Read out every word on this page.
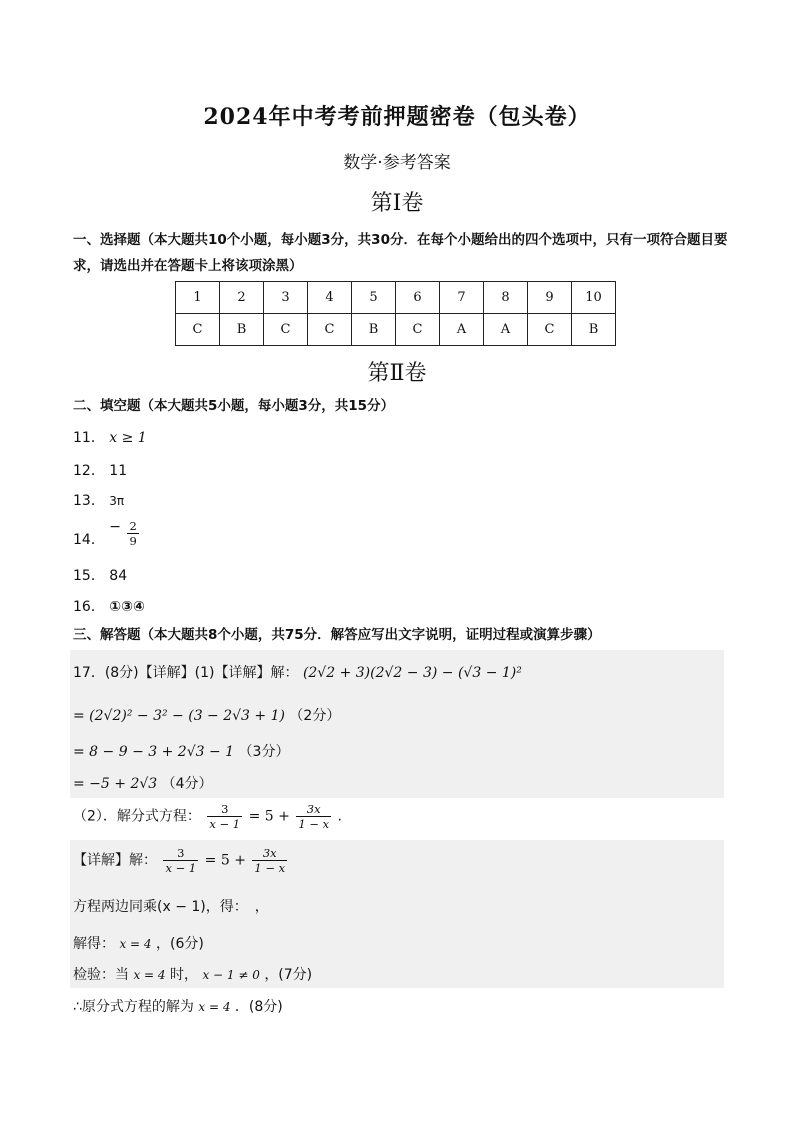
2024年中考考前押题密卷（包头卷）
数学·参考答案
第Ⅰ卷
一、选择题（本大题共10个小题，每小题3分，共30分．在每个小题给出的四个选项中，只有一项符合题目要求，请选出并在答题卡上将该项涂黑）
1	2	3	4	5	6	7	8	9	10
C	B	C	C	B	C	A	A	C	B
第Ⅱ卷
二、填空题（本大题共5小题，每小题3分，共15分）
11． x ≥ 1
12． 11
13． 3π
14． − $\frac{2}{9}$
15． 84
16． ①③④
三、解答题（本大题共8个小题，共75分．解答应写出文字说明，证明过程或演算步骤）
17．(8分)【详解】(1)【详解】解： (2√2 + 3)(2√2 − 3) − (√3 − 1)²
= (2√2)² − 3² − (3 − 2√3 + 1) （2分）
= 8 − 9 − 3 + 2√3 − 1 （3分）
= −5 + 2√3 （4分）
（2）．解分式方程： $\frac{3}{x - 1} = 5 + \frac{3x}{1 - x}$ .
【详解】解： $\frac{3}{x - 1} = 5 + \frac{3x}{1 - x}$
方程两边同乘(x − 1)，得：　，
解得： x = 4 ，(6分)
检验：当 x = 4 时， x − 1 ≠ 0 ，(7分)
∴原分式方程的解为 x = 4 ．(8分)
